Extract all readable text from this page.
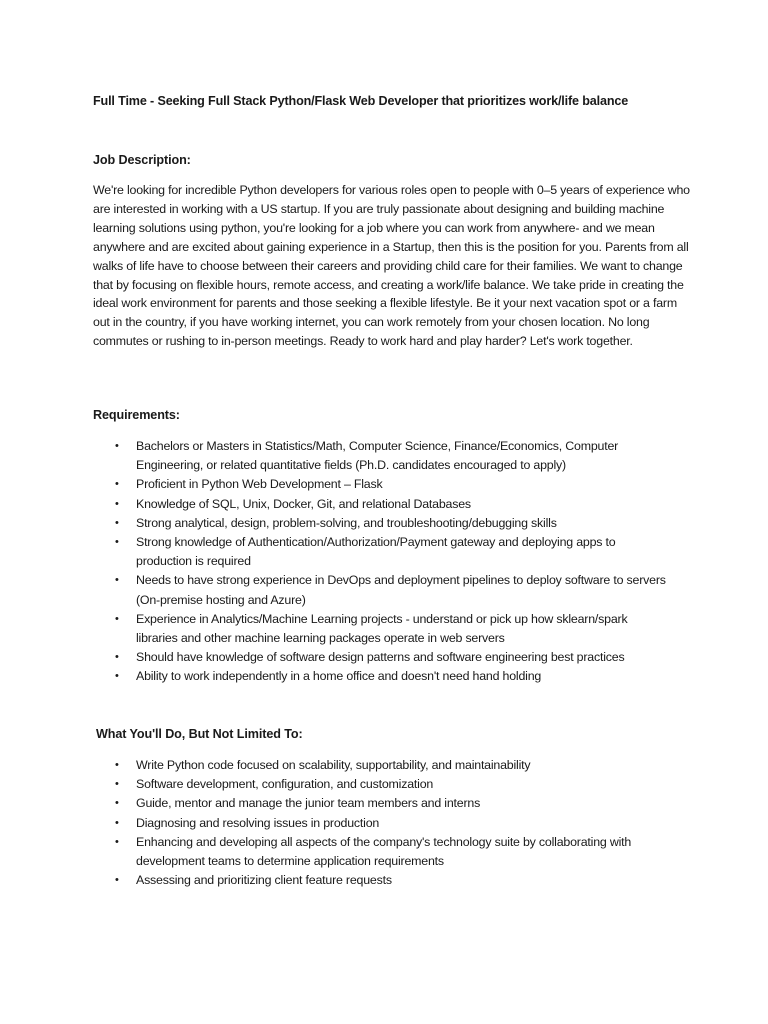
Full Time - Seeking Full Stack Python/Flask Web Developer that prioritizes work/life balance
Job Description:

We're looking for incredible Python developers for various roles open to people with 0–5 years of experience who are interested in working with a US startup. If you are truly passionate about designing and building machine learning solutions using python, you're looking for a job where you can work from anywhere- and we mean anywhere and are excited about gaining experience in a Startup, then this is the position for you. Parents from all walks of life have to choose between their careers and providing child care for their families. We want to change that by focusing on flexible hours, remote access, and creating a work/life balance. We take pride in creating the ideal work environment for parents and those seeking a flexible lifestyle. Be it your next vacation spot or a farm out in the country, if you have working internet, you can work remotely from your chosen location. No long commutes or rushing to in-person meetings. Ready to work hard and play harder? Let's work together.

Requirements:
• Bachelors or Masters in Statistics/Math, Computer Science, Finance/Economics, Computer Engineering, or related quantitative fields (Ph.D. candidates encouraged to apply)
• Proficient in Python Web Development – Flask
• Knowledge of SQL, Unix, Docker, Git, and relational Databases
• Strong analytical, design, problem-solving, and troubleshooting/debugging skills
• Strong knowledge of Authentication/Authorization/Payment gateway and deploying apps to production is required
• Needs to have strong experience in DevOps and deployment pipelines to deploy software to servers (On-premise hosting and Azure)
• Experience in Analytics/Machine Learning projects - understand or pick up how sklearn/spark libraries and other machine learning packages operate in web servers
• Should have knowledge of software design patterns and software engineering best practices
• Ability to work independently in a home office and doesn't need hand holding
What You'll Do, But Not Limited To:
• Write Python code focused on scalability, supportability, and maintainability
• Software development, configuration, and customization
• Guide, mentor and manage the junior team members and interns
• Diagnosing and resolving issues in production
• Enhancing and developing all aspects of the company's technology suite by collaborating with development teams to determine application requirements
• Assessing and prioritizing client feature requests
